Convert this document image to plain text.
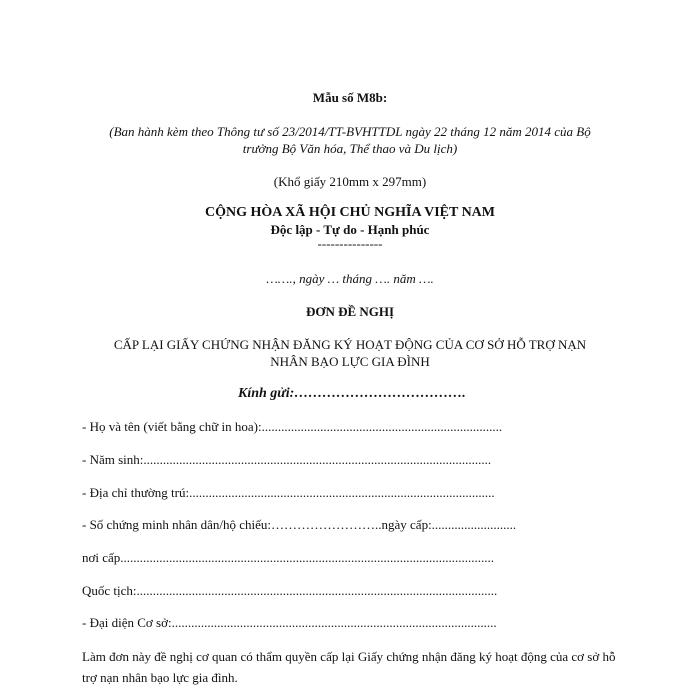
Mẫu số M8b:
(Ban hành kèm theo Thông tư số 23/2014/TT-BVHTTDL ngày 22 tháng 12 năm 2014 của Bộ
trưởng Bộ Văn hóa, Thể thao và Du lịch)
(Khổ giấy 210mm x 297mm)
CỘNG HÒA XÃ HỘI CHỦ NGHĨA VIỆT NAM
Độc lập - Tự do - Hạnh phúc
---------------
……., ngày … tháng …. năm ….
ĐƠN ĐỀ NGHỊ
CẤP LẠI GIẤY CHỨNG NHẬN ĐĂNG KÝ HOẠT ĐỘNG CỦA CƠ SỞ HỖ TRỢ NẠN
NHÂN BẠO LỰC GIA ĐÌNH
Kính gửi:……………………………….
- Họ và tên (viết bằng chữ in hoa):..........................................................................
- Năm sinh:...........................................................................................................
- Địa chỉ thường trú:..............................................................................................
- Số chứng minh nhân dân/hộ chiếu:……………………..ngày cấp:..........................
nơi cấp...................................................................................................................
Quốc tịch:...............................................................................................................
- Đại diện Cơ sở:....................................................................................................
Làm đơn này đề nghị cơ quan có thẩm quyền cấp lại Giấy chứng nhận đăng ký hoạt động của cơ sở hỗ trợ nạn nhân bạo lực gia đình.
